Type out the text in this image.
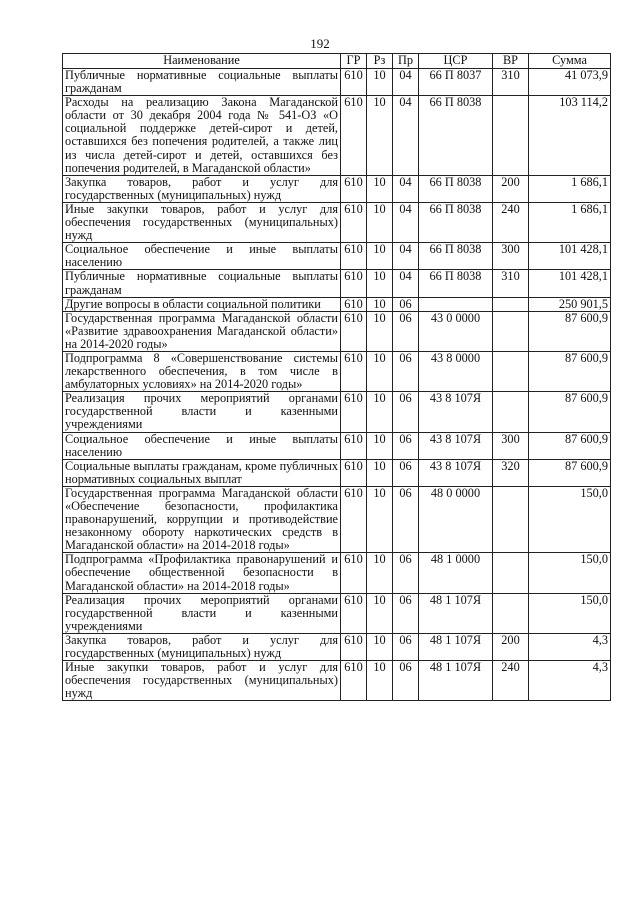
192
Наименование	ГР	Рз	Пр	ЦСР	ВР	Сумма
Публичные нормативные социальные выплаты гражданам	610	10	04	66 П 8037	310	41 073,9
Расходы на реализацию Закона Магаданской области от 30 декабря 2004 года № 541-ОЗ «О социальной поддержке детей-сирот и детей, оставшихся без попечения родителей, а также лиц из числа детей-сирот и детей, оставшихся без попечения родителей, в Магаданской области»	610	10	04	66 П 8038		103 114,2
Закупка товаров, работ и услуг для государственных (муниципальных) нужд	610	10	04	66 П 8038	200	1 686,1
Иные закупки товаров, работ и услуг для обеспечения государственных (муниципальных) нужд	610	10	04	66 П 8038	240	1 686,1
Социальное обеспечение и иные выплаты населению	610	10	04	66 П 8038	300	101 428,1
Публичные нормативные социальные выплаты гражданам	610	10	04	66 П 8038	310	101 428,1
Другие вопросы в области социальной политики	610	10	06			250 901,5
Государственная программа Магаданской области «Развитие здравоохранения Магаданской области» на 2014-2020 годы»	610	10	06	43 0 0000		87 600,9
Подпрограмма 8 «Совершенствование системы лекарственного обеспечения, в том числе в амбулаторных условиях» на 2014-2020 годы»	610	10	06	43 8 0000		87 600,9
Реализация прочих мероприятий органами государственной власти и казенными учреждениями	610	10	06	43 8 107Я		87 600,9
Социальное обеспечение и иные выплаты населению	610	10	06	43 8 107Я	300	87 600,9
Социальные выплаты гражданам, кроме публичных нормативных социальных выплат	610	10	06	43 8 107Я	320	87 600,9
Государственная программа Магаданской области «Обеспечение безопасности, профилактика правонарушений, коррупции и противодействие незаконному обороту наркотических средств в Магаданской области» на 2014-2018 годы»	610	10	06	48 0 0000		150,0
Подпрограмма «Профилактика правонарушений и обеспечение общественной безопасности в Магаданской области» на 2014-2018 годы»	610	10	06	48 1 0000		150,0
Реализация прочих мероприятий органами государственной власти и казенными учреждениями	610	10	06	48 1 107Я		150,0
Закупка товаров, работ и услуг для государственных (муниципальных) нужд	610	10	06	48 1 107Я	200	4,3
Иные закупки товаров, работ и услуг для обеспечения государственных (муниципальных) нужд	610	10	06	48 1 107Я	240	4,3
